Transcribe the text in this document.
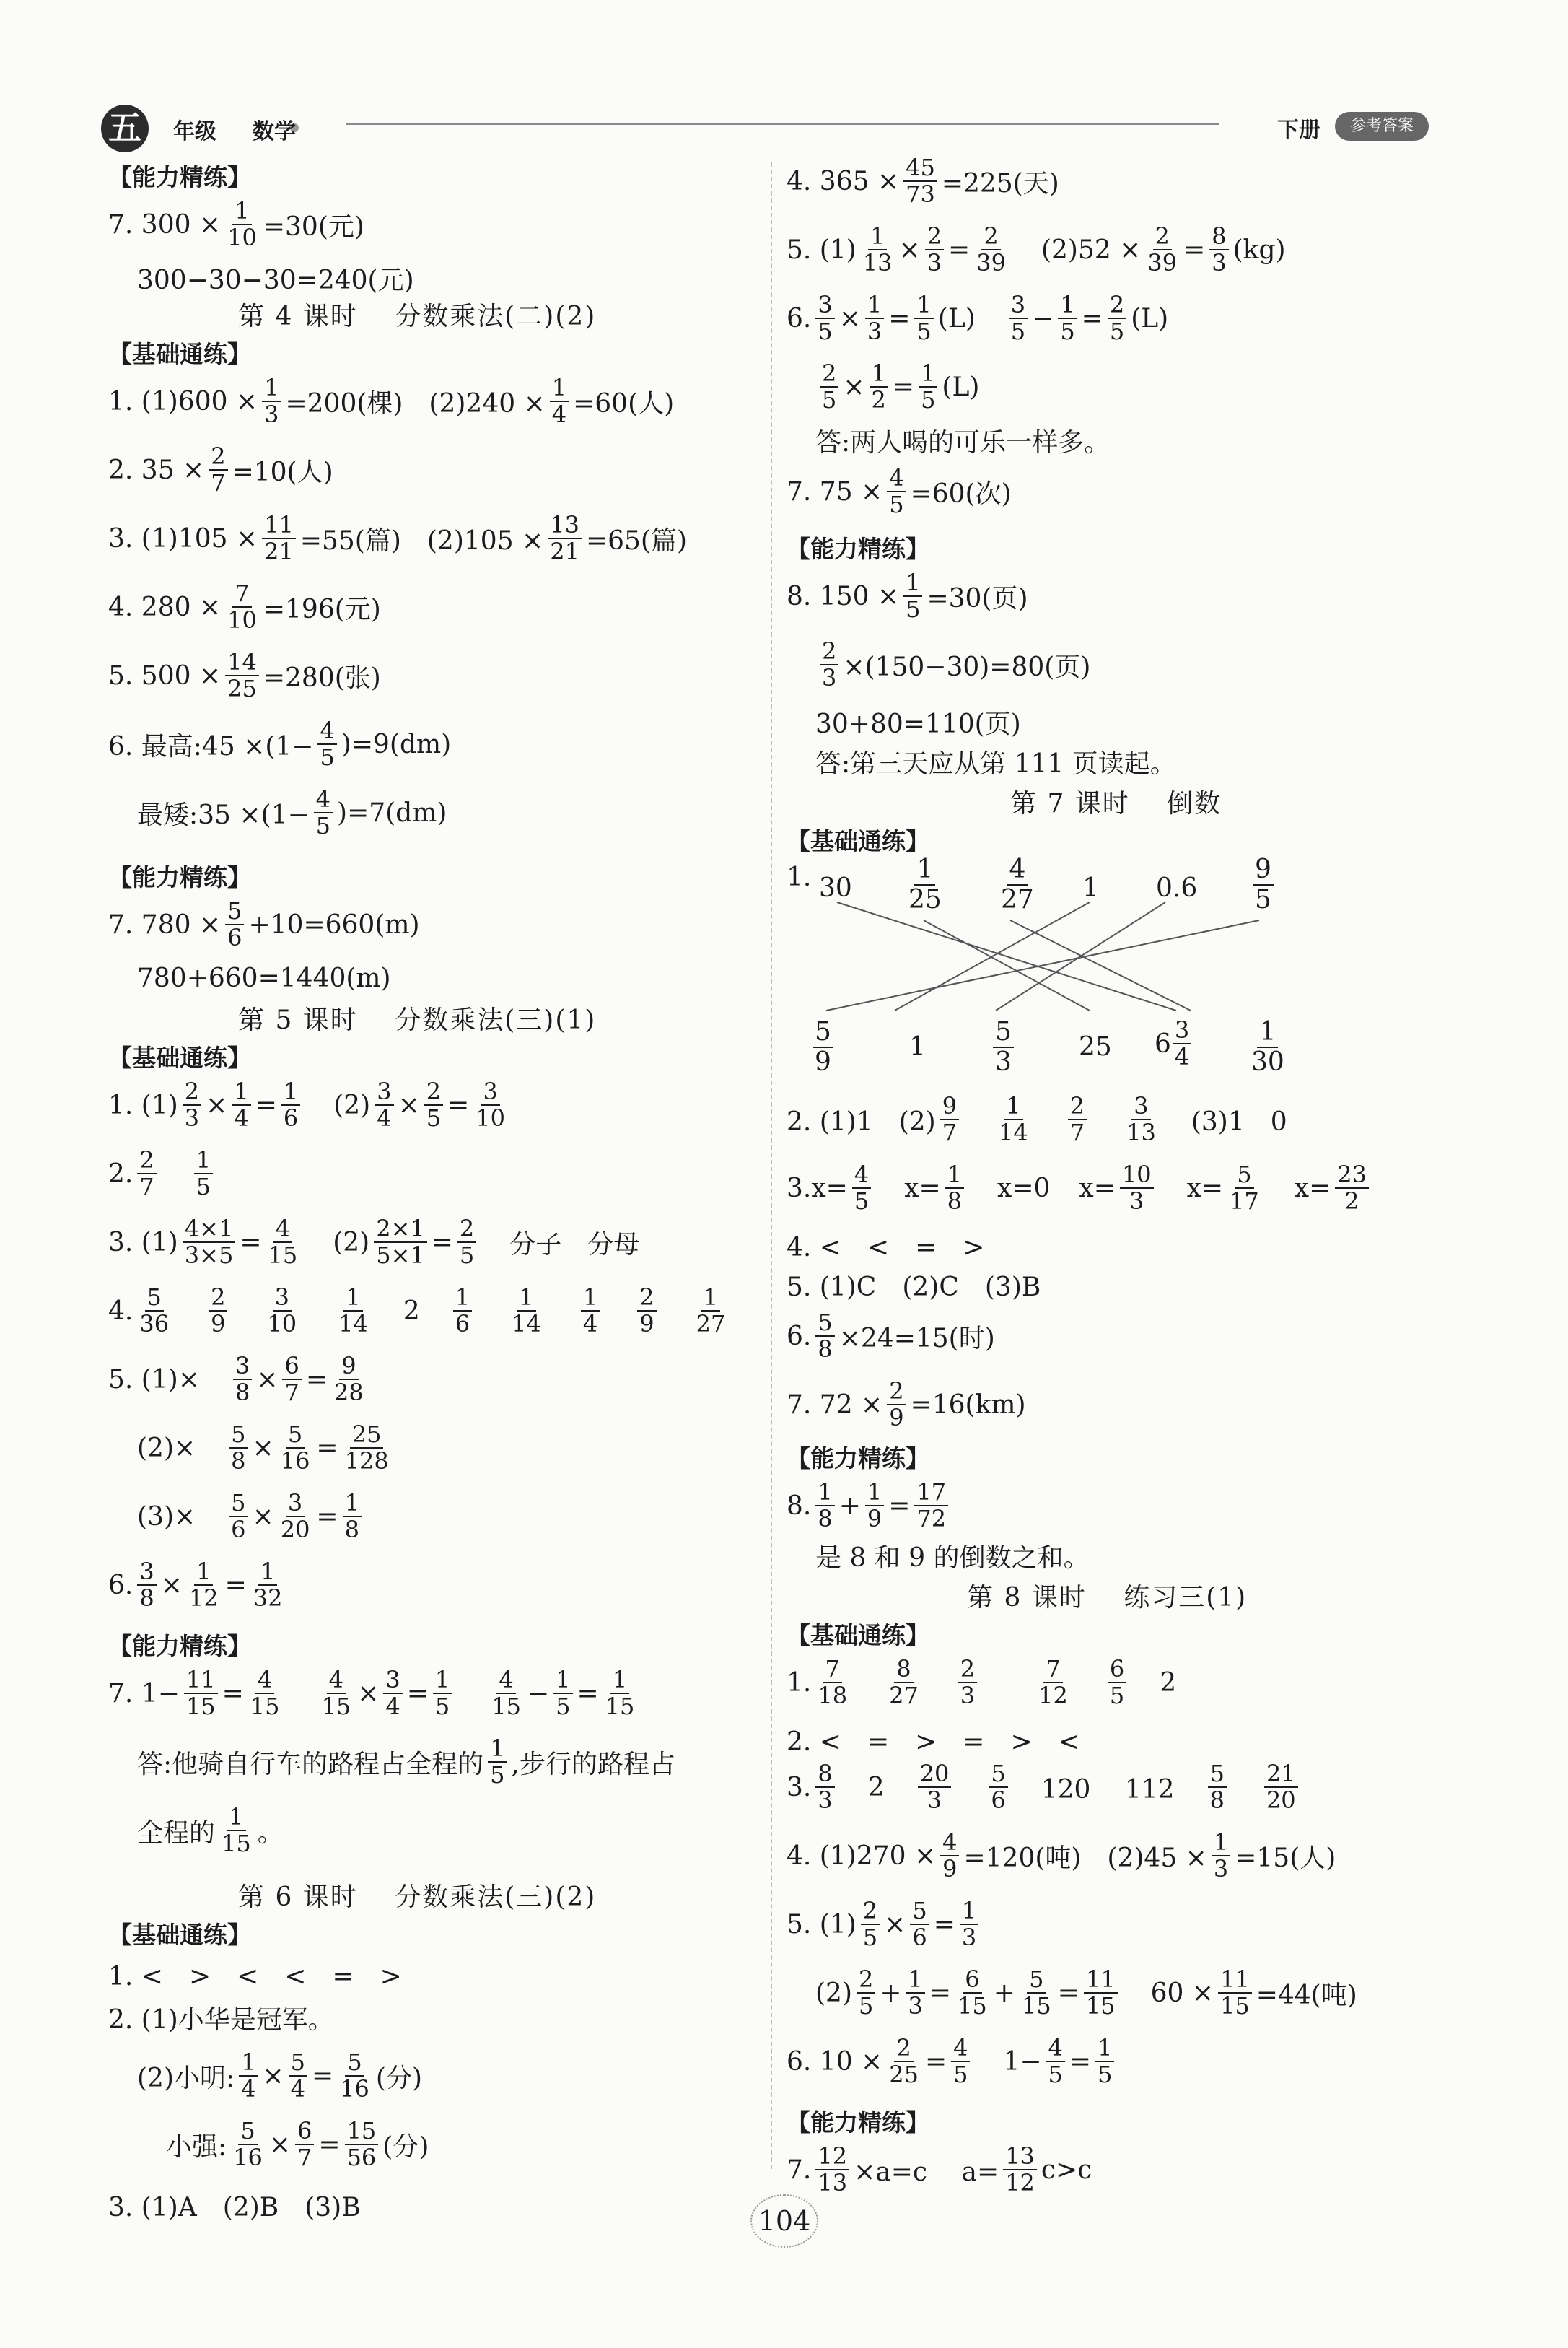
五	年级 数学	下册	参考答案
【能力精练】
7. $300 \times \frac{1}{10} =30$(元)
300−30−30=240(元)
第 4 课时　 分数乘法(二)(2)
【基础通练】
1. $(1)600 \times \frac{1}{3} =200$(棵)　$(2)240 \times \frac{1}{4} =60$(人)
2. $35 \times \frac{2}{7} =10$(人)
3. $(1)105 \times \frac{11}{21} =55$(篇)　$(2)105 \times \frac{13}{21} =65$(篇)
4. $280 \times \frac{7}{10} =196$(元)
5. $500 \times \frac{14}{25} =280$(张)
6. 最高:45 $\times(1- \frac{4}{5} )=9(dm)$
最矮:35 $\times(1- \frac{4}{5} )=7(dm)$
【能力精练】
7. $780 \times \frac{5}{6} +10=660(m)$
780+660=1440(m)
第 5 课时　 分数乘法(三)(1)
【基础通练】
1. $(1) \frac{2}{3} \times \frac{1}{4} = \frac{1}{6} (2) \frac{3}{4} \times \frac{2}{5} = \frac{3}{10}$
2. $\frac{2}{7} \frac{1}{5}$
3. $(1) \frac{4\times 1}{3\times 5} = \frac{4}{15} (2) \frac{2\times 1}{5\times 1} = \frac{2}{5}$ 分子　分母
4. $\frac{5}{36} \frac{2}{9} \frac{3}{10} \frac{1}{14} 2 \frac{1}{6} \frac{1}{14} \frac{1}{4} \frac{2}{9} \frac{1}{27}$
5. $(1)\times \frac{3}{8} \times \frac{6}{7} = \frac{9}{28}$
$(2)\times \frac{5}{8} \times \frac{5}{16} = \frac{25}{128}$
$(3)\times \frac{5}{6} \times \frac{3}{20} = \frac{1}{8}$
6. $\frac{3}{8} \times \frac{1}{12} = \frac{1}{32}$
【能力精练】
7. $1- \frac{11}{15} = \frac{4}{15} \frac{4}{15} \times \frac{3}{4} = \frac{1}{5} \frac{4}{15} - \frac{1}{5} = \frac{1}{15}$
答:他骑自行车的路程占全程的 $\frac{1}{5}$ ,步行的路程占
全程的 $\frac{1}{15}$ 。
第 6 课时　 分数乘法(三)(2)
【基础通练】
1. <　>　<　<　=　>
2. (1)小华是冠军。
(2)小明: $\frac{1}{4} \times \frac{5}{4} = \frac{5}{16}$ (分)
小强: $\frac{5}{16} \times \frac{6}{7} = \frac{15}{56}$ (分)
3. (1)A　(2)B　(3)B
4. $365 \times \frac{45}{73} =225$(天)
5. $(1) \frac{1}{13} \times \frac{2}{3} = \frac{2}{39} (2)52 \times \frac{2}{39} = \frac{8}{3} (kg)$
6. $\frac{3}{5} \times \frac{1}{3} = \frac{1}{5} (L) \frac{3}{5} - \frac{1}{5} = \frac{2}{5} (L)$
$\frac{2}{5} \times \frac{1}{2} = \frac{1}{5} (L)$
答:两人喝的可乐一样多。
7. $75 \times \frac{4}{5} =60$(次)
【能力精练】
8. $150 \times \frac{1}{5} =30$(页)
$\frac{2}{3} \times(150-30)=80$(页)
30+80=110(页)
答:第三天应从第 111 页读起。
第 7 课时　 倒数
【基础通练】
1. $30 \frac{1}{25} \frac{4}{27} 1$ $0.6 \frac{9}{5}$
$\frac{5}{9}$	1	$\frac{5}{3}$	25 $6 \frac{3}{4} \frac{1}{30}$
2. (1)1　$(2) \frac{9}{7} \frac{1}{14} \frac{2}{7} \frac{3}{13} (3)1$　0
3. $x= \frac{4}{5} x= \frac{1}{8} x=0$ $x= \frac{10}{3} x= \frac{5}{17} x= \frac{23}{2}$
4. <　<　=　>
5. (1)C　(2)C　(3)B
6. $\frac{5}{8} \times 24=15$(时)
7. $72 \times \frac{2}{9} =16(km)$
【能力精练】
8. $\frac{1}{8} + \frac{1}{9} = \frac{17}{72}$
是 8 和 9 的倒数之和。
第 8 课时　 练习三(1)
【基础通练】
1. $\frac{7}{18} \frac{8}{27} \frac{2}{3}$	$\frac{7}{12} \frac{6}{5} 2$
2. <　=　>　=　>　<
3. $\frac{8}{3} 2 \frac{20}{3} \frac{5}{6} 120$　 $112 \frac{5}{8} \frac{21}{20}$
4. $(1)270 \times \frac{4}{9} =120$(吨)　$(2)45 \times \frac{1}{3} =15$(人)
5. $(1) \frac{2}{5} \times \frac{5}{6} = \frac{1}{3}$
$(2) \frac{2}{5} + \frac{1}{3} = \frac{6}{15} + \frac{5}{15} = \frac{11}{15} 60 \times \frac{11}{15} =44$(吨)
6. $10 \times \frac{2}{25} = \frac{4}{5} 1- \frac{4}{5} = \frac{1}{5}$
【能力精练】
7. $\frac{12}{13} \times a=c$　 $a= \frac{13}{12} c>c$
104
